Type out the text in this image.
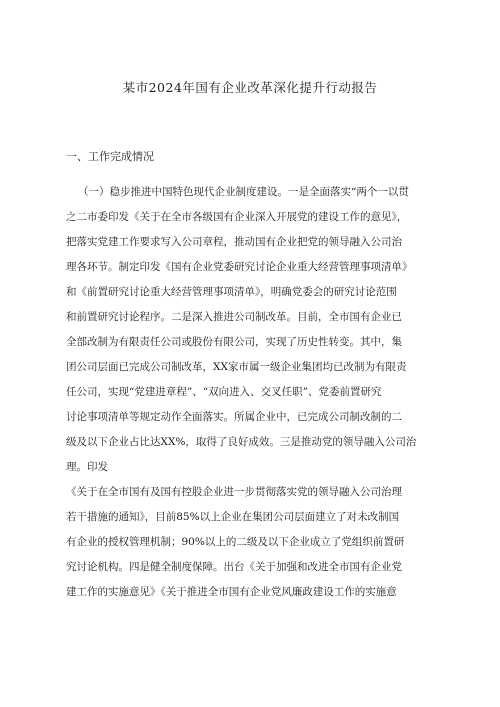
某市2024年国有企业改革深化提升行动报告
一、工作完成情况
（一）稳步推进中国特色现代企业制度建设。一是全面落实“两个一以贯
之二市委印发《关于在全市各级国有企业深入开展党的建设工作的意见》，
把落实党建工作要求写入公司章程，推动国有企业把党的领导融入公司治
理各环节。制定印发《国有企业党委研究讨论企业重大经营管理事项清单》
和《前置研究讨论重大经营管理事项清单》，明确党委会的研究讨论范围
和前置研究讨论程序。二是深入推进公司制改革。目前，全市国有企业已
全部改制为有限责任公司或股份有限公司，实现了历史性转变。其中，集
团公司层面已完成公司制改革，XX家市属一级企业集团均已改制为有限责
任公司，实现“党建进章程”、“双向进入、交叉任职”、党委前置研究
讨论事项清单等规定动作全面落实。所属企业中，已完成公司制改制的二
级及以下企业占比达XX%，取得了良好成效。三是推动党的领导融入公司治
理。印发
《关于在全市国有及国有控股企业进一步贯彻落实党的领导融入公司治理
若干措施的通知》，目前85%以上企业在集团公司层面建立了对未改制国
有企业的授权管理机制；90%以上的二级及以下企业成立了党组织前置研
究讨论机构。四是健全制度保障。出台《关于加强和改进全市国有企业党
建工作的实施意见》《关于推进全市国有企业党风廉政建设工作的实施意
